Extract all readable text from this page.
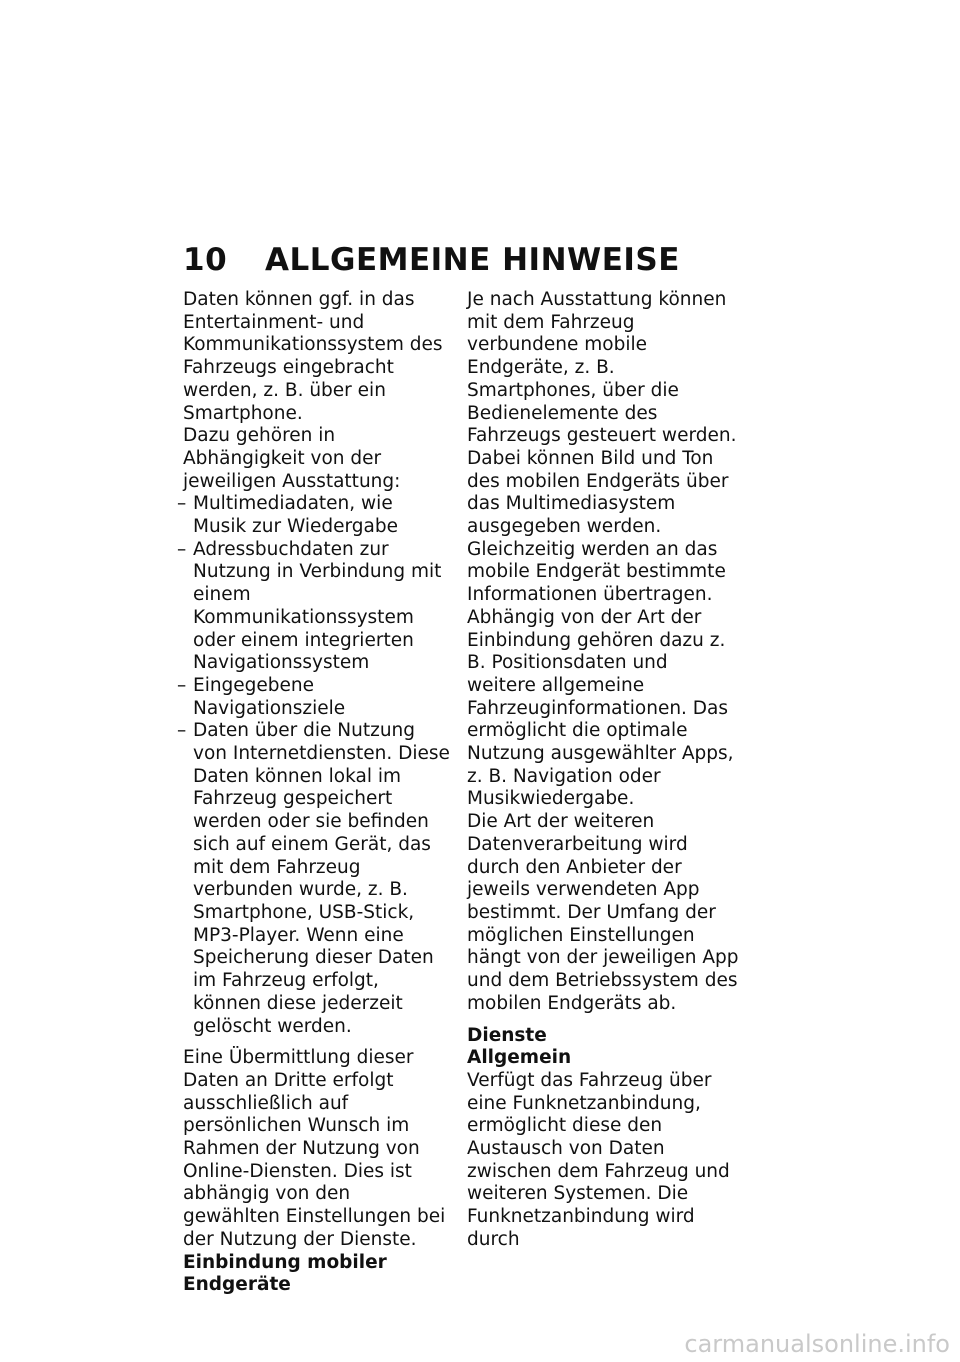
10 ALLGEMEINE HINWEISE

Daten können ggf. in das Entertainment- und Kommunikationssystem des Fahrzeugs eingebracht werden, z. B. über ein Smartphone.

Dazu gehören in Abhängigkeit von der jeweiligen Ausstattung:

– Multimediadaten, wie Musik zur Wiedergabe
– Adressbuchdaten zur Nutzung in Verbindung mit einem Kommunikationssystem oder einem integrierten Navigationssystem
– Eingegebene Navigationsziele
– Daten über die Nutzung von Internetdiensten. Diese Daten können lokal im Fahrzeug gespeichert werden oder sie befinden sich auf einem Gerät, das mit dem Fahrzeug verbunden wurde, z. B. Smartphone, USB-Stick, MP3-Player. Wenn eine Speicherung dieser Daten im Fahrzeug erfolgt, können diese jederzeit gelöscht werden.

Eine Übermittlung dieser Daten an Dritte erfolgt ausschließlich auf persönlichen Wunsch im Rahmen der Nutzung von Online-Diensten. Dies ist abhängig von den gewählten Einstellungen bei der Nutzung der Dienste.

Einbindung mobiler Endgeräte

Je nach Ausstattung können mit dem Fahrzeug verbundene mobile Endgeräte, z. B. Smartphones, über die Bedienelemente des Fahrzeugs gesteuert werden.

Dabei können Bild und Ton des mobilen Endgeräts über das Multimediasystem ausgegeben werden. Gleichzeitig werden an das mobile Endgerät bestimmte Informationen übertragen. Abhängig von der Art der Einbindung gehören dazu z. B. Positionsdaten und weitere allgemeine Fahrzeuginformationen. Das ermöglicht die optimale Nutzung ausgewählter Apps, z. B. Navigation oder Musikwiedergabe.

Die Art der weiteren Datenverarbeitung wird durch den Anbieter der jeweils verwendeten App bestimmt. Der Umfang der möglichen Einstellungen hängt von der jeweiligen App und dem Betriebssystem des mobilen Endgeräts ab.

Dienste
Allgemein

Verfügt das Fahrzeug über eine Funknetzanbindung, ermöglicht diese den Austausch von Daten zwischen dem Fahrzeug und weiteren Systemen. Die Funknetzanbindung wird durch

carmanualsonline.info
